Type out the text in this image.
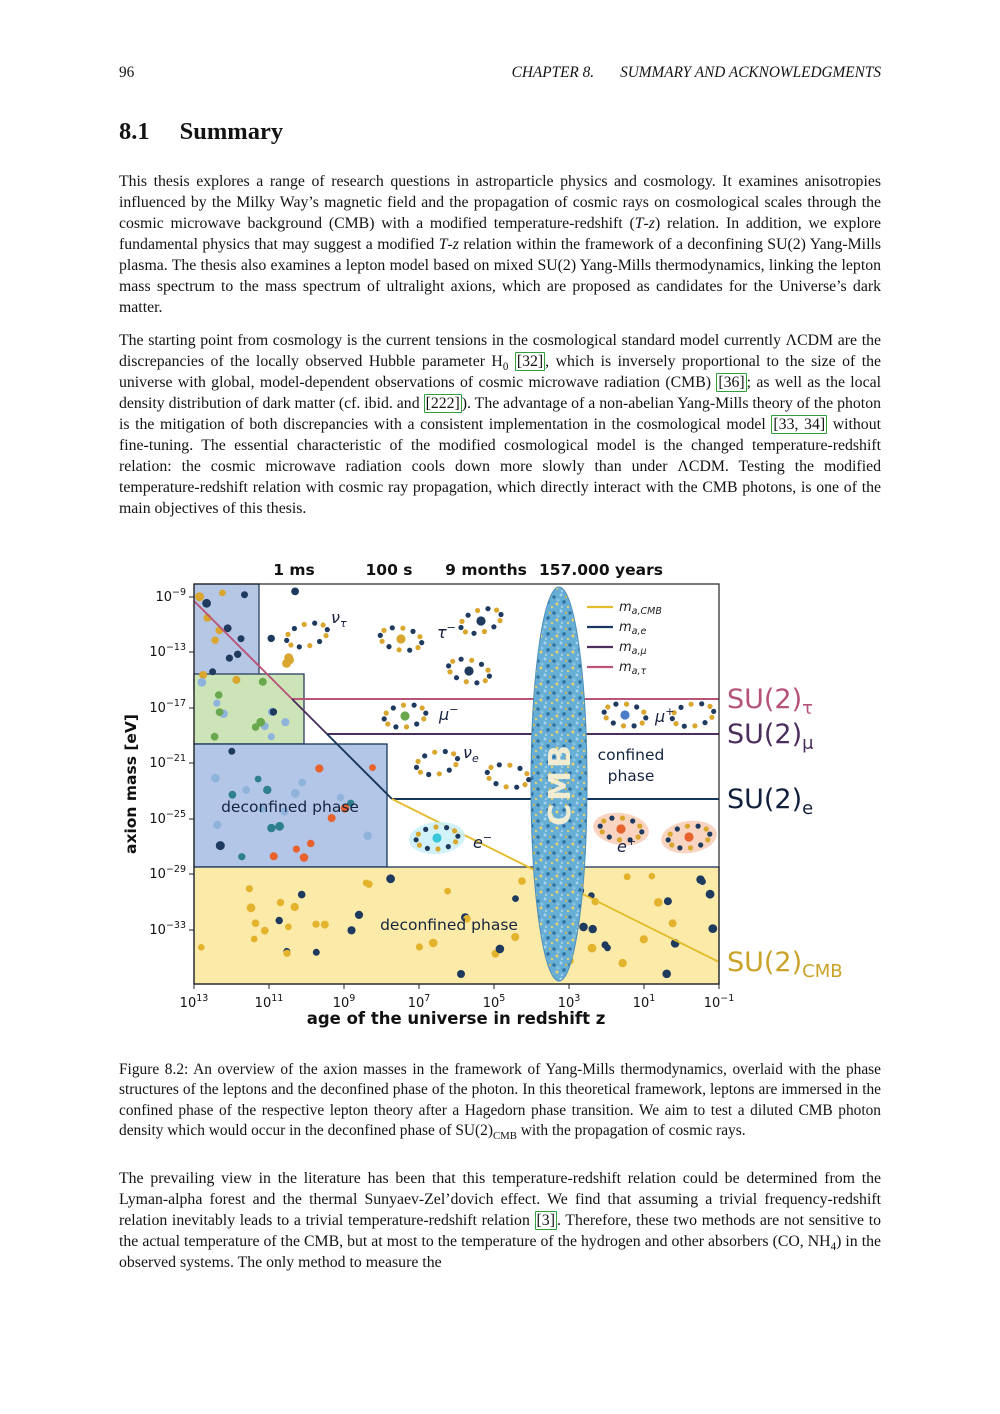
96	CHAPTER 8. SUMMARY AND ACKNOWLEDGMENTS
8.1 Summary

This thesis explores a range of research questions in astroparticle physics and cosmology. It examines anisotropies influenced by the Milky Way’s magnetic field and the propagation of cosmic rays on cosmological scales through the cosmic microwave background (CMB) with a modified temperature-redshift (T-z) relation. In addition, we explore fundamental physics that may suggest a modified T-z relation within the framework of a deconfining SU(2) Yang-Mills plasma. The thesis also examines a lepton model based on mixed SU(2) Yang-Mills thermodynamics, linking the lepton mass spectrum to the mass spectrum of ultralight axions, which are proposed as candidates for the Universe’s dark matter.

The starting point from cosmology is the current tensions in the cosmological standard model currently ΛCDM are the discrepancies of the locally observed Hubble parameter $H_0$ [32] , which is inversely proportional to the size of the universe with global, model-dependent observations of cosmic microwave radiation (CMB) [36] ; as well as the local density distribution of dark matter (cf. ibid. and [222] ). The advantage of a non-abelian Yang-Mills theory of the photon is the mitigation of both discrepancies with a consistent implementation in the cosmological model [33, 34] without fine-tuning. The essential characteristic of the modified cosmological model is the changed temperature-redshift relation: the cosmic microwave radiation cools down more slowly than under ΛCDM. Testing the modified temperature-redshift relation with cosmic ray propagation, which directly interact with the CMB photons, is one of the main objectives of this thesis.

CMB
$\nu_\tau$	τ−
μ−	μ+
$\nu_e$
e−	e+
deconfined phase
deconfined phase
confined
phase
$10^{-9}$
$10^{-13}$
$10^{-17}$
$10^{-21}$
$10^{-25}$
$10^{-29}$
$10^{-33}$
$10^{13}$	$10^{11}$	$10^9$	$10^7$	$10^5$	$10^3$	$10^1$	$10^{-1}$
1 ms	100 s 9 months 157.000 years
age of the universe in redshift z
axion mass [eV]
$m_{a,CMB}$
$m_{a,e}$
$m_{a,\mu}$
$m_{a,\tau}$
$SU(2)_\tau$
$SU(2)_\mu$
$SU(2)_e$
$SU(2)_{CMB}$

Figure 8.2: An overview of the axion masses in the framework of Yang-Mills thermodynamics, overlaid with the phase structures of the leptons and the deconfined phase of the photon. In this theoretical framework, leptons are immersed in the confined phase of the respective lepton theory after a Hagedorn phase transition. We aim to test a diluted CMB photon density which would occur in the deconfined phase of $SU(2)_{CMB}$ with the propagation of cosmic rays.

The prevailing view in the literature has been that this temperature-redshift relation could be determined from the Lyman-alpha forest and the thermal Sunyaev-Zel’dovich effect. We find that assuming a trivial frequency-redshift relation inevitably leads to a trivial temperature-redshift relation [3] . Therefore, these two methods are not sensitive to the actual temperature of the CMB, but at most to the temperature of the hydrogen and other absorbers (CO, $NH_4$) in the observed systems. The only method to measure the
